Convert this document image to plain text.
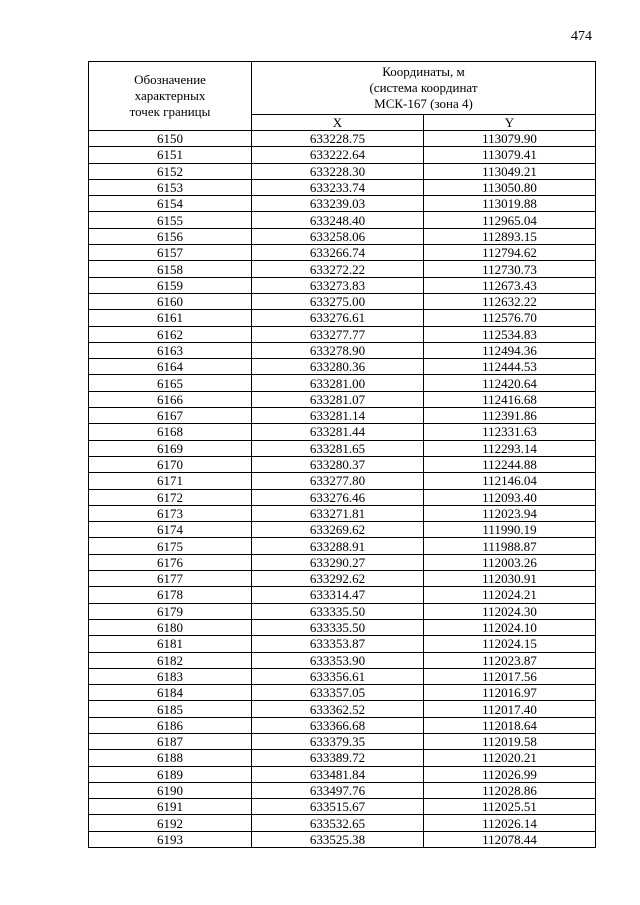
474
Обозначение
характерных
точек границы	Координаты, м
(система координат
МСК-167 (зона 4)	

	X	Y
6150	633228.75	113079.90
6151	633222.64	113079.41
6152	633228.30	113049.21
6153	633233.74	113050.80
6154	633239.03	113019.88
6155	633248.40	112965.04
6156	633258.06	112893.15
6157	633266.74	112794.62
6158	633272.22	112730.73
6159	633273.83	112673.43
6160	633275.00	112632.22
6161	633276.61	112576.70
6162	633277.77	112534.83
6163	633278.90	112494.36
6164	633280.36	112444.53
6165	633281.00	112420.64
6166	633281.07	112416.68
6167	633281.14	112391.86
6168	633281.44	112331.63
6169	633281.65	112293.14
6170	633280.37	112244.88
6171	633277.80	112146.04
6172	633276.46	112093.40
6173	633271.81	112023.94
6174	633269.62	111990.19
6175	633288.91	111988.87
6176	633290.27	112003.26
6177	633292.62	112030.91
6178	633314.47	112024.21
6179	633335.50	112024.30
6180	633335.50	112024.10
6181	633353.87	112024.15
6182	633353.90	112023.87
6183	633356.61	112017.56
6184	633357.05	112016.97
6185	633362.52	112017.40
6186	633366.68	112018.64
6187	633379.35	112019.58
6188	633389.72	112020.21
6189	633481.84	112026.99
6190	633497.76	112028.86
6191	633515.67	112025.51
6192	633532.65	112026.14
6193	633525.38	112078.44
